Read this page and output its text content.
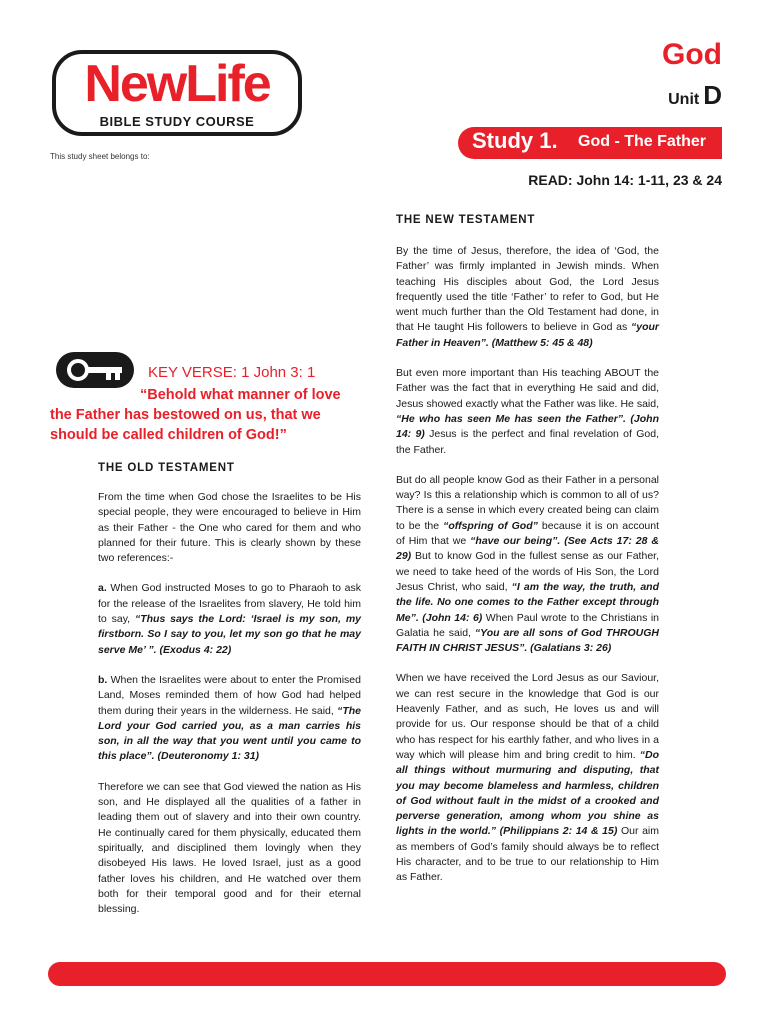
NewLife
BIBLE STUDY COURSE
This study sheet belongs to:
God
Unit D
Study 1. God - The Father
READ: John 14: 1-11, 23 & 24
KEY VERSE: 1 John 3: 1
“Behold what manner of love
the Father has bestowed on us, that we
should be called children of God!”
THE OLD TESTAMENT

From the time when God chose the Israelites to be His special people, they were encouraged to believe in Him as their Father - the One who cared for them and who planned for their future. This is clearly shown by these two references:-

a. When God instructed Moses to go to Pharaoh to ask for the release of the Israelites from slavery, He told him to say, “Thus says the Lord: ‘Israel is my son, my firstborn. So I say to you, let my son go that he may serve Me’ ”. (Exodus 4: 22)

b. When the Israelites were about to enter the Promised Land, Moses reminded them of how God had helped them during their years in the wilderness. He said, “The Lord your God carried you, as a man carries his son, in all the way that you went until you came to this place”. (Deuteronomy 1: 31)

Therefore we can see that God viewed the nation as His son, and He displayed all the qualities of a father in leading them out of slavery and into their own country. He continually cared for them physically, educated them spiritually, and disciplined them lovingly when they disobeyed His laws. He loved Israel, just as a good father loves his children, and He watched over them both for their temporal good and for their eternal blessing.

THE NEW TESTAMENT

By the time of Jesus, therefore, the idea of ‘God, the Father’ was firmly implanted in Jewish minds. When teaching His disciples about God, the Lord Jesus frequently used the title ‘Father’ to refer to God, but He went much further than the Old Testament had done, in that He taught His followers to believe in God as “your Father in Heaven”. (Matthew 5: 45 & 48)

But even more important than His teaching ABOUT the Father was the fact that in everything He said and did, Jesus showed exactly what the Father was like. He said, “He who has seen Me has seen the Father”. (John 14: 9) Jesus is the perfect and final revelation of God, the Father.

But do all people know God as their Father in a personal way? Is this a relationship which is common to all of us? There is a sense in which every created being can claim to be the “offspring of God” because it is on account of Him that we “have our being”. (See Acts 17: 28 & 29) But to know God in the fullest sense as our Father, we need to take heed of the words of His Son, the Lord Jesus Christ, who said, “I am the way, the truth, and the life. No one comes to the Father except through Me”. (John 14: 6) When Paul wrote to the Christians in Galatia he said, “You are all sons of God THROUGH FAITH IN CHRIST JESUS”. (Galatians 3: 26)

When we have received the Lord Jesus as our Saviour, we can rest secure in the knowledge that God is our Heavenly Father, and as such, He loves us and will provide for us. Our response should be that of a child who has respect for his earthly father, and who lives in a way which will please him and bring credit to him. “Do all things without murmuring and disputing, that you may become blameless and harmless, children of God without fault in the midst of a crooked and perverse generation, among whom you shine as lights in the world.” (Philippians 2: 14 & 15) Our aim as members of God’s family should always be to reflect His character, and to be true to our relationship to Him as Father.
